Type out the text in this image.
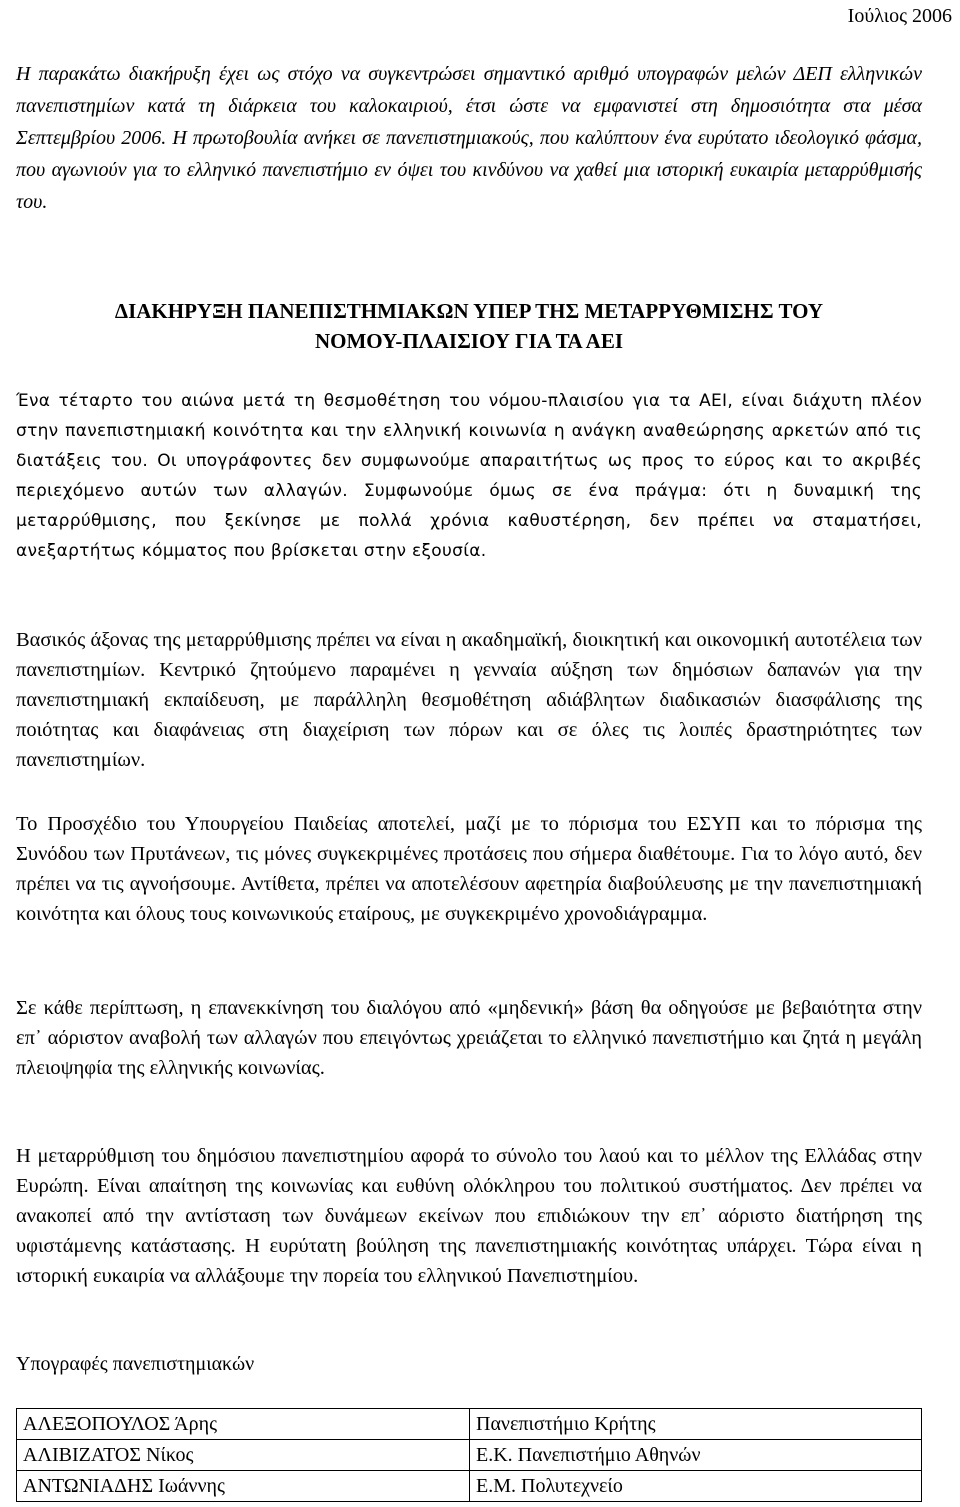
Ιούλιος 2006

Η παρακάτω διακήρυξη έχει ως στόχο να συγκεντρώσει σημαντικό αριθμό υπογραφών μελών ΔΕΠ ελληνικών πανεπιστημίων κατά τη διάρκεια του καλοκαιριού, έτσι ώστε να εμφανιστεί στη δημοσιότητα στα μέσα Σεπτεμβρίου 2006. Η πρωτοβουλία ανήκει σε πανεπιστημιακούς, που καλύπτουν ένα ευρύτατο ιδεολογικό φάσμα, που αγωνιούν για το ελληνικό πανεπιστήμιο εν όψει του κινδύνου να χαθεί μια ιστορική ευκαιρία μεταρρύθμισής του.

ΔΙΑΚΗΡΥΞΗ ΠΑΝΕΠΙΣΤΗΜΙΑΚΩΝ ΥΠΕΡ ΤΗΣ ΜΕΤΑΡΡΥΘΜΙΣΗΣ ΤΟΥ
ΝΟΜΟΥ-ΠΛΑΙΣΙΟΥ ΓΙΑ ΤΑ ΑΕΙ

Ένα τέταρτο του αιώνα μετά τη θεσμοθέτηση του νόμου-πλαισίου για τα ΑΕΙ, είναι διάχυτη πλέον στην πανεπιστημιακή κοινότητα και την ελληνική κοινωνία η ανάγκη αναθεώρησης αρκετών από τις διατάξεις του. Οι υπογράφοντες δεν συμφωνούμε απαραιτήτως ως προς το εύρος και το ακριβές περιεχόμενο αυτών των αλλαγών. Συμφωνούμε όμως σε ένα πράγμα: ότι η δυναμική της μεταρρύθμισης, που ξεκίνησε με πολλά χρόνια καθυστέρηση, δεν πρέπει να σταματήσει, ανεξαρτήτως κόμματος που βρίσκεται στην εξουσία.

Βασικός άξονας της μεταρρύθμισης πρέπει να είναι η ακαδημαϊκή, διοικητική και οικονομική αυτοτέλεια των πανεπιστημίων. Κεντρικό ζητούμενο παραμένει η γενναία αύξηση των δημόσιων δαπανών για την πανεπιστημιακή εκπαίδευση, με παράλληλη θεσμοθέτηση αδιάβλητων διαδικασιών διασφάλισης της ποιότητας και διαφάνειας στη διαχείριση των πόρων και σε όλες τις λοιπές δραστηριότητες των πανεπιστημίων.

Το Προσχέδιο του Υπουργείου Παιδείας αποτελεί, μαζί με το πόρισμα του ΕΣΥΠ και το πόρισμα της Συνόδου των Πρυτάνεων, τις μόνες συγκεκριμένες προτάσεις που σήμερα διαθέτουμε. Για το λόγο αυτό, δεν πρέπει να τις αγνοήσουμε. Αντίθετα, πρέπει να αποτελέσουν αφετηρία διαβούλευσης με την πανεπιστημιακή κοινότητα και όλους τους κοινωνικούς εταίρους, με συγκεκριμένο χρονοδιάγραμμα.

Σε κάθε περίπτωση, η επανεκκίνηση του διαλόγου από «μηδενική» βάση θα οδηγούσε με βεβαιότητα στην επ᾽ αόριστον αναβολή των αλλαγών που επειγόντως χρειάζεται το ελληνικό πανεπιστήμιο και ζητά η μεγάλη πλειοψηφία της ελληνικής κοινωνίας.

Η μεταρρύθμιση του δημόσιου πανεπιστημίου αφορά το σύνολο του λαού και το μέλλον της Ελλάδας στην Ευρώπη. Είναι απαίτηση της κοινωνίας και ευθύνη ολόκληρου του πολιτικού συστήματος. Δεν πρέπει να ανακοπεί από την αντίσταση των δυνάμεων εκείνων που επιδιώκουν την επ᾽ αόριστο διατήρηση της υφιστάμενης κατάστασης. Η ευρύτατη βούληση της πανεπιστημιακής κοινότητας υπάρχει. Τώρα είναι η ιστορική ευκαιρία να αλλάξουμε την πορεία του ελληνικού Πανεπιστημίου.

Υπογραφές πανεπιστημιακών

ΑΛΕΞΟΠΟΥΛΟΣ Άρης	Πανεπιστήμιο Κρήτης
ΑΛΙΒΙΖΑΤΟΣ Νίκος	Ε.Κ. Πανεπιστήμιο Αθηνών
ΑΝΤΩΝΙΑΔΗΣ Ιωάννης	Ε.Μ. Πολυτεχνείο
